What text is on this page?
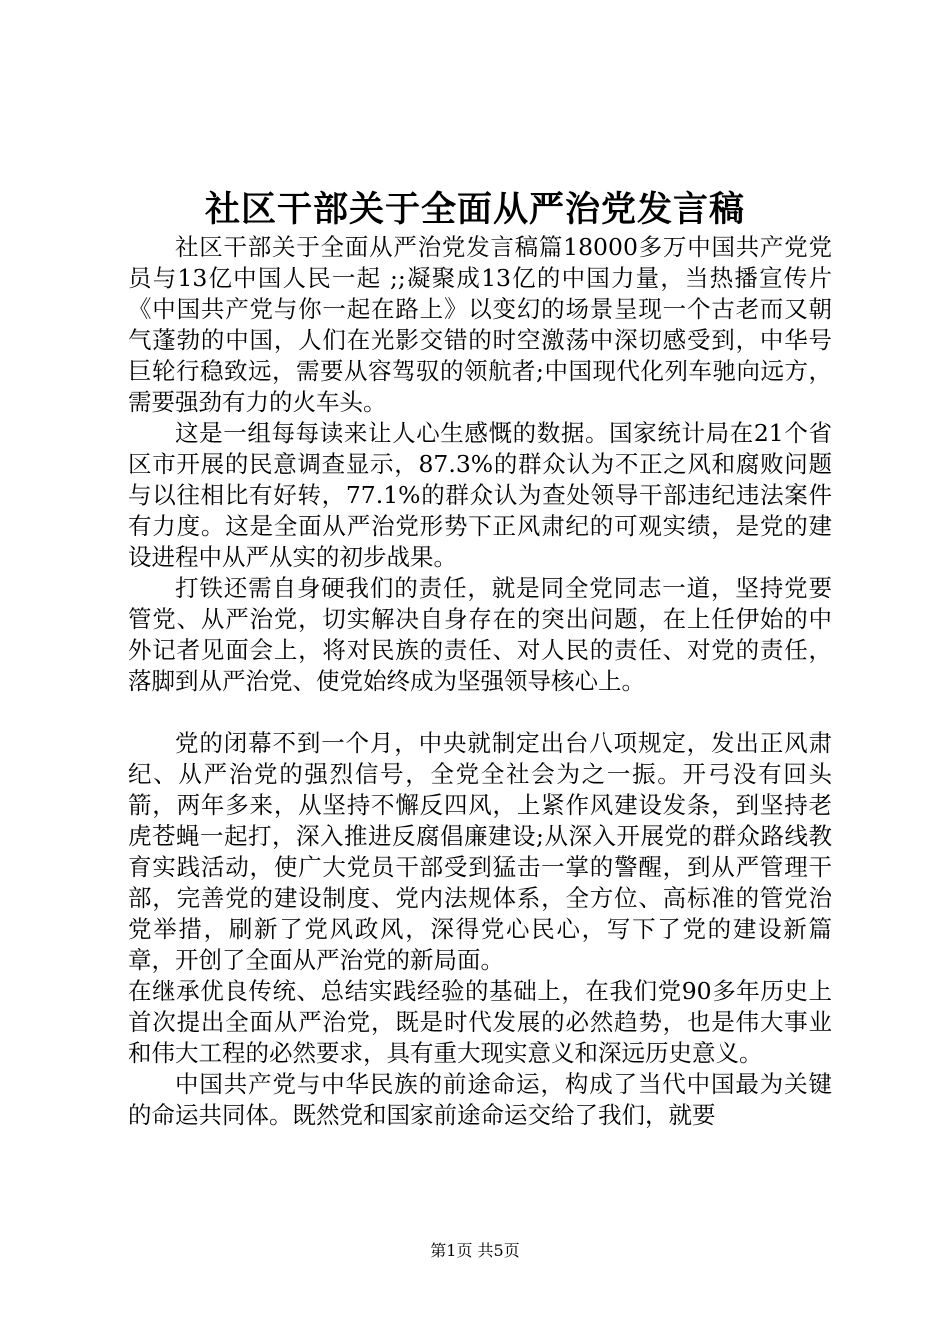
社区干部关于全面从严治党发言稿

社区干部关于全面从严治党发言稿篇18000多万中国共产党党员与13亿中国人民一起 ;;凝聚成13亿的中国力量，当热播宣传片《中国共产党与你一起在路上》以变幻的场景呈现一个古老而又朝气蓬勃的中国，人们在光影交错的时空激荡中深切感受到，中华号巨轮行稳致远，需要从容驾驭的领航者;中国现代化列车驰向远方，需要强劲有力的火车头。

这是一组每每读来让人心生感慨的数据。国家统计局在21个省区市开展的民意调查显示，87.3%的群众认为不正之风和腐败问题与以往相比有好转，77.1%的群众认为查处领导干部违纪违法案件有力度。这是全面从严治党形势下正风肃纪的可观实绩，是党的建设进程中从严从实的初步战果。

打铁还需自身硬我们的责任，就是同全党同志一道，坚持党要管党、从严治党，切实解决自身存在的突出问题，在上任伊始的中外记者见面会上，将对民族的责任、对人民的责任、对党的责任，落脚到从严治党、使党始终成为坚强领导核心上。

党的闭幕不到一个月，中央就制定出台八项规定，发出正风肃纪、从严治党的强烈信号，全党全社会为之一振。开弓没有回头箭，两年多来，从坚持不懈反四风，上紧作风建设发条，到坚持老虎苍蝇一起打，深入推进反腐倡廉建设;从深入开展党的群众路线教育实践活动，使广大党员干部受到猛击一掌的警醒，到从严管理干部，完善党的建设制度、党内法规体系，全方位、高标准的管党治党举措，刷新了党风政风，深得党心民心，写下了党的建设新篇章，开创了全面从严治党的新局面。

在继承优良传统、总结实践经验的基础上，在我们党90多年历史上首次提出全面从严治党，既是时代发展的必然趋势，也是伟大事业和伟大工程的必然要求，具有重大现实意义和深远历史意义。

中国共产党与中华民族的前途命运，构成了当代中国最为关键的命运共同体。既然党和国家前途命运交给了我们，就要

第1页 共5页
